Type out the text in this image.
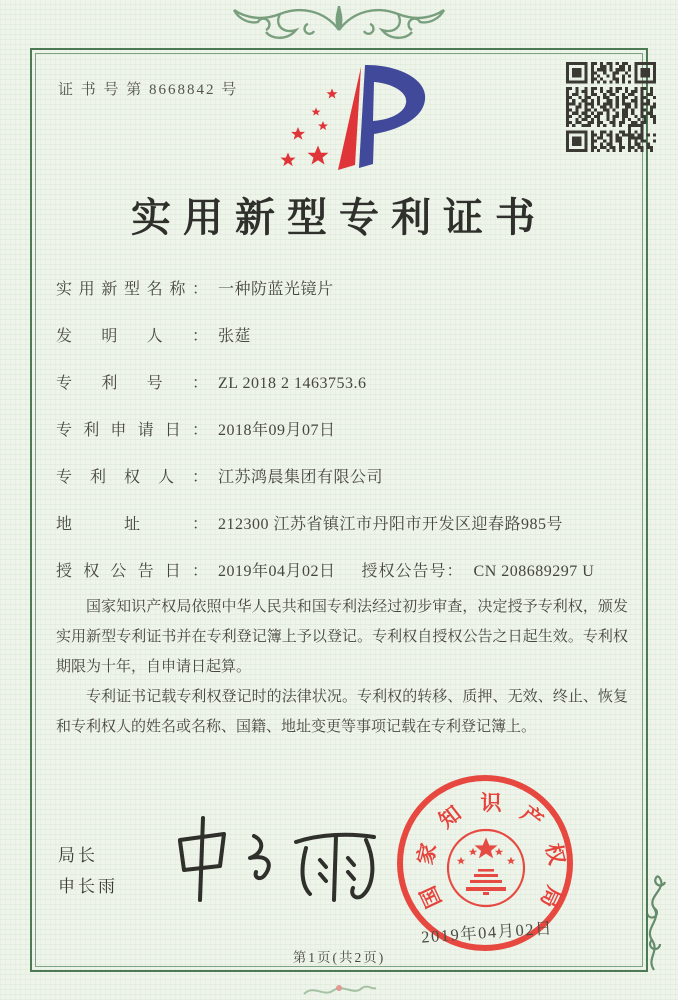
证 书 号 第 8668842 号
实用新型专利证书
实用新型名称： 一种防蓝光镜片
发明人： 张莚
专利号： ZL 2018 2 1463753.6
专利申请日： 2018年09月07日
专利权人： 江苏鸿晨集团有限公司
地址： 212300 江苏省镇江市丹阳市开发区迎春路985号
授权公告日： 2019年04月02日 授权公告号： CN 208689297 U

国家知识产权局依照中华人民共和国专利法经过初步审查，决定授予专利权，颁发实用新型专利证书并在专利登记簿上予以登记。专利权自授权公告之日起生效。专利权期限为十年，自申请日起算。

专利证书记载专利权登记时的法律状况。专利权的转移、质押、无效、终止、恢复和专利权人的姓名或名称、国籍、地址变更等事项记载在专利登记簿上。

局长
申长雨	国
家
知 识 产
权
局
2019年04月02日
第1页(共2页)
